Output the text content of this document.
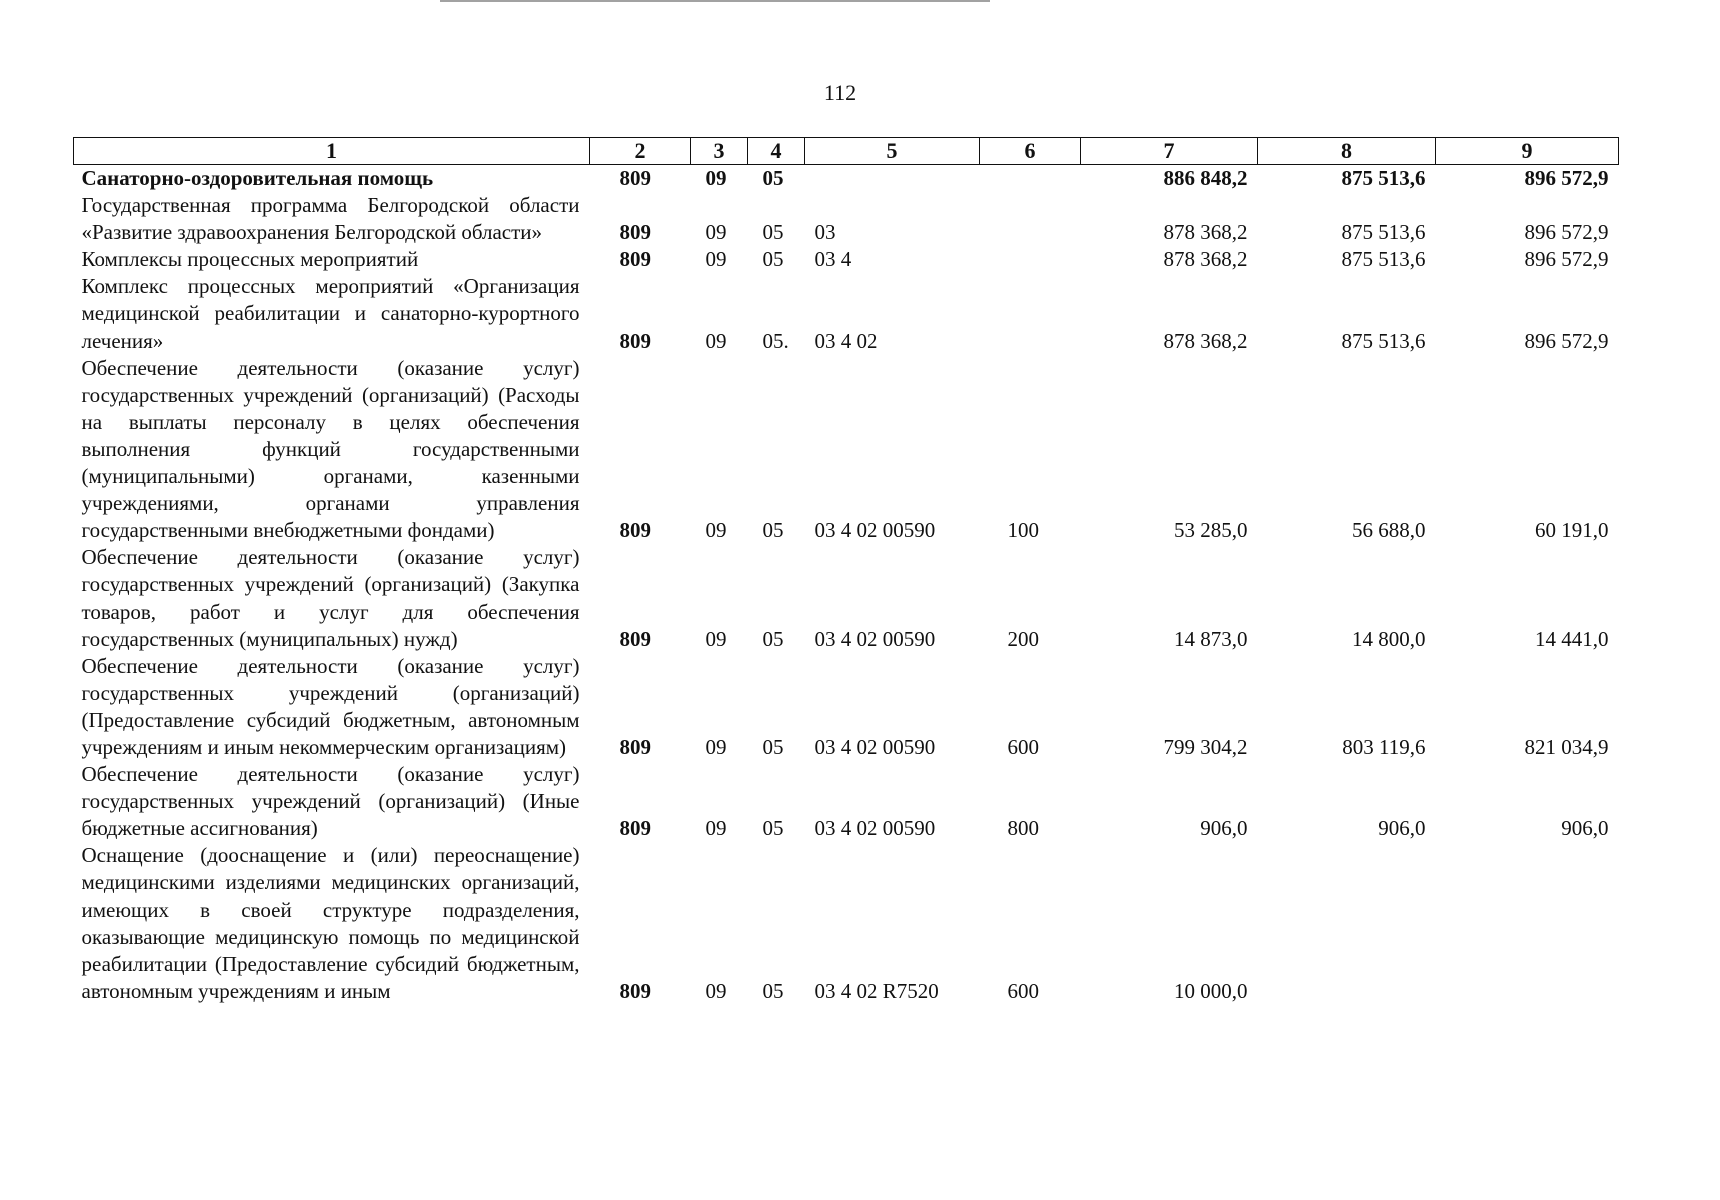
112
1	2	3	4	5	6	7	8	9
Санаторно-оздоровительная помощь	809	09	05			886 848,2	875 513,6	896 572,9
Государственная программа Белгородской области «Развитие здравоохранения Белгородской области»	809	09	05	03		878 368,2	875 513,6	896 572,9
Комплексы процессных мероприятий	809	09	05	03 4		878 368,2	875 513,6	896 572,9
Комплекс процессных мероприятий «Организация медицинской реабилитации и санаторно-курортного лечения»	809	09	05.	03 4 02		878 368,2	875 513,6	896 572,9
Обеспечение деятельности (оказание услуг) государственных учреждений (организаций) (Расходы на выплаты персоналу в целях обеспечения выполнения функций государственными (муниципальными) органами, казенными учреждениями, органами управления государственными внебюджетными фондами)	809	09	05	03 4 02 00590	100	53 285,0	56 688,0	60 191,0
Обеспечение деятельности (оказание услуг) государственных учреждений (организаций) (Закупка товаров, работ и услуг для обеспечения государственных (муниципальных) нужд)	809	09	05	03 4 02 00590	200	14 873,0	14 800,0	14 441,0
Обеспечение деятельности (оказание услуг) государственных учреждений (организаций) (Предоставление субсидий бюджетным, автономным учреждениям и иным некоммерческим организациям)	809	09	05	03 4 02 00590	600	799 304,2	803 119,6	821 034,9
Обеспечение деятельности (оказание услуг) государственных учреждений (организаций) (Иные бюджетные ассигнования)	809	09	05	03 4 02 00590	800	906,0	906,0	906,0
Оснащение (дооснащение и (или) переоснащение) медицинскими изделиями медицинских организаций, имеющих в своей структуре подразделения, оказывающие медицинскую помощь по медицинской реабилитации (Предоставление субсидий бюджетным, автономным учреждениям и иным	809	09	05	03 4 02 R7520	600	10 000,0		
